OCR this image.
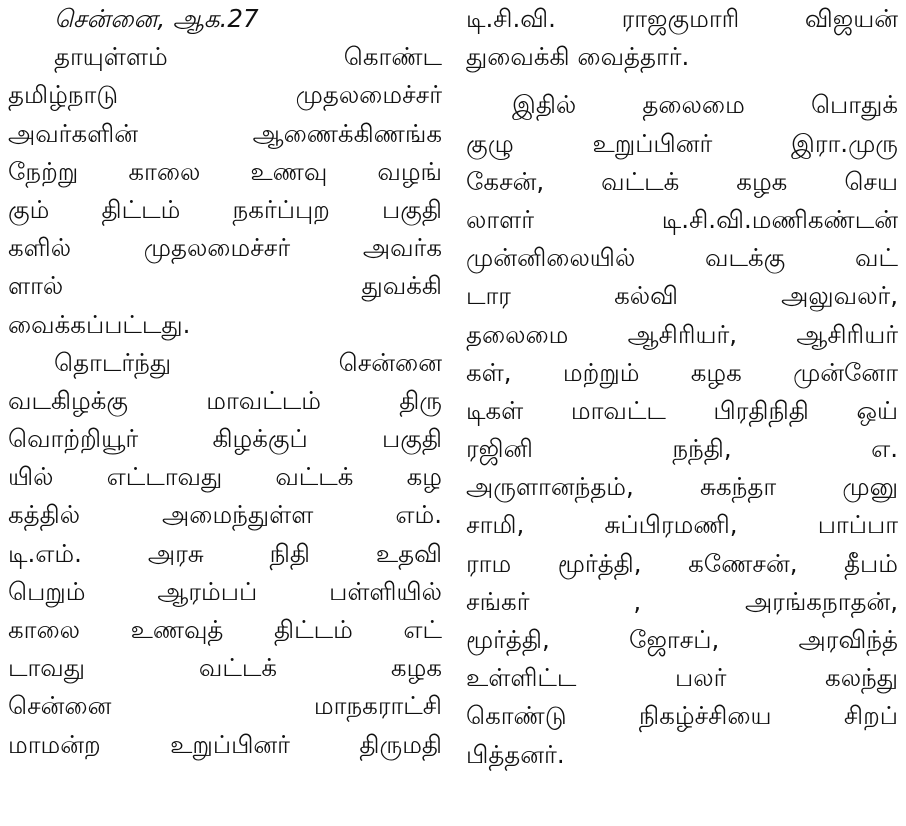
சென்னை, ஆக.27
தாயுள்ளம் கொண்ட
தமிழ்நாடு முதலமைச்சர்
அவர்களின் ஆணைக்கிணங்க
நேற்று காலை உணவு வழங்
கும் திட்டம் நகர்ப்புற பகுதி
களில் முதலமைச்சர் அவர்க
ளால் துவக்கி
வைக்கப்பட்டது.
தொடர்ந்து சென்னை
வடகிழக்கு மாவட்டம் திரு
வொற்றியூர் கிழக்குப் பகுதி
யில் எட்டாவது வட்டக் கழ
கத்தில் அமைந்துள்ள எம்.
டி.எம். அரசு நிதி உதவி
பெறும் ஆரம்பப் பள்ளியில்
காலை உணவுத் திட்டம் எட்
டாவது வட்டக் கழக
சென்னை மாநகராட்சி
மாமன்ற உறுப்பினர் திருமதி
டி.சி.வி. ராஜகுமாரி விஜயன்
துவைக்கி வைத்தார்.
இதில் தலைமை பொதுக்
குழு உறுப்பினர் இரா.முரு
கேசன், வட்டக் கழக செய
லாளர் டி.சி.வி.மணிகண்டன்
முன்னிலையில் வடக்கு வட்
டார கல்வி அலுவலர்,
தலைமை ஆசிரியர், ஆசிரியர்
கள், மற்றும் கழக முன்னோ
டிகள் மாவட்ட பிரதிநிதி ஒய்
ரஜினி நந்தி, எ.
அருளானந்தம், சுகந்தா முனு
சாமி, சுப்பிரமணி, பாப்பா
ராம மூர்த்தி, கணேசன், தீபம்
சங்கர் , அரங்கநாதன்,
மூர்த்தி, ஜோசப், அரவிந்த்
உள்ளிட்ட பலர் கலந்து
கொண்டு நிகழ்ச்சியை சிறப்
பித்தனர்.
